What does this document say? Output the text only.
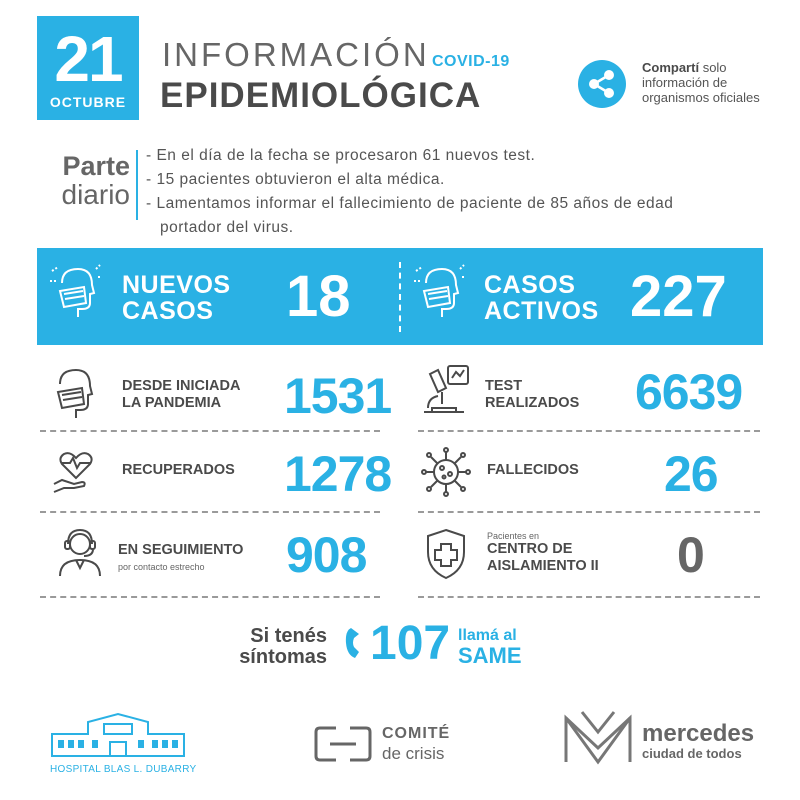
21
OCTUBRE
INFORMACIÓN COVID-19
EPIDEMIOLÓGICA
Compartí solo
información de
organismos oficiales
Parte
diario
- En el día de la fecha se procesaron 61 nuevos test.
- 15 pacientes obtuvieron el alta médica.
- Lamentamos informar el fallecimiento de paciente de 85 años de edad
portador del virus.
NUEVOS
CASOS 18	CASOS
ACTIVOS 227
DESDE INICIADA
LA PANDEMIA	1531	TEST
REALIZADOS 6639
RECUPERADOS 1278	FALLECIDOS 26
EN SEGUIMIENTO
por contacto estrecho	908	Pacientes en
CENTRO DE
AISLAMIENTO II 0
Si tenés
síntomas 107 llamá al
SAME
HOSPITAL BLAS L. DUBARRY
COMITÉ
de crisis
mercedes
ciudad de todos
